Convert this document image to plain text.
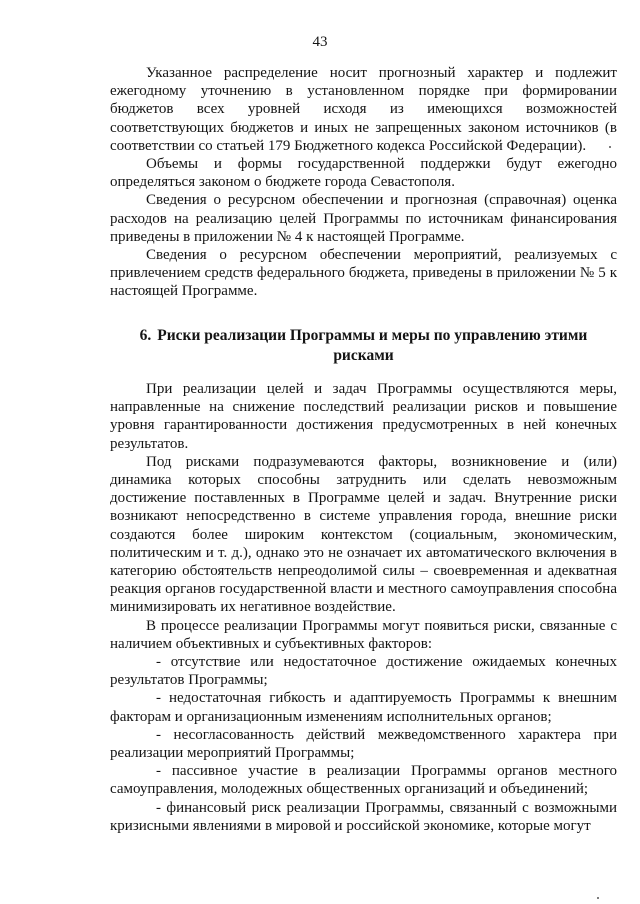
43

Указанное распределение носит прогнозный характер и подлежит ежегодному уточнению в установленном порядке при формировании бюджетов всех уровней исходя из имеющихся возможностей соответствующих бюджетов и иных не запрещенных законом источников (в соответствии со статьей 179 Бюджетного кодекса Российской Федерации).

Объемы и формы государственной поддержки будут ежегодно определяться законом о бюджете города Севастополя.

Сведения о ресурсном обеспечении и прогнозная (справочная) оценка расходов на реализацию целей Программы по источникам финансирования приведены в приложении № 4 к настоящей Программе.

Сведения о ресурсном обеспечении мероприятий, реализуемых с привлечением средств федерального бюджета, приведены в приложении № 5 к настоящей Программе.

6. Риски реализации Программы и меры по управлению этими рисками

При реализации целей и задач Программы осуществляются меры, направленные на снижение последствий реализации рисков и повышение уровня гарантированности достижения предусмотренных в ней конечных результатов.

Под рисками подразумеваются факторы, возникновение и (или) динамика которых способны затруднить или сделать невозможным достижение поставленных в Программе целей и задач. Внутренние риски возникают непосредственно в системе управления города, внешние риски создаются более широким контекстом (социальным, экономическим, политическим и т. д.), однако это не означает их автоматического включения в категорию обстоятельств непреодолимой силы – своевременная и адекватная реакция органов государственной власти и местного самоуправления способна минимизировать их негативное воздействие.

В процессе реализации Программы могут появиться риски, связанные с наличием объективных и субъективных факторов:

- отсутствие или недостаточное достижение ожидаемых конечных результатов Программы;

- недостаточная гибкость и адаптируемость Программы к внешним факторам и организационным изменениям исполнительных органов;

- несогласованность действий межведомственного характера при реализации мероприятий Программы;

- пассивное участие в реализации Программы органов местного самоуправления, молодежных общественных организаций и объединений;

- финансовый риск реализации Программы, связанный с возможными кризисными явлениями в мировой и российской экономике, которые могут
